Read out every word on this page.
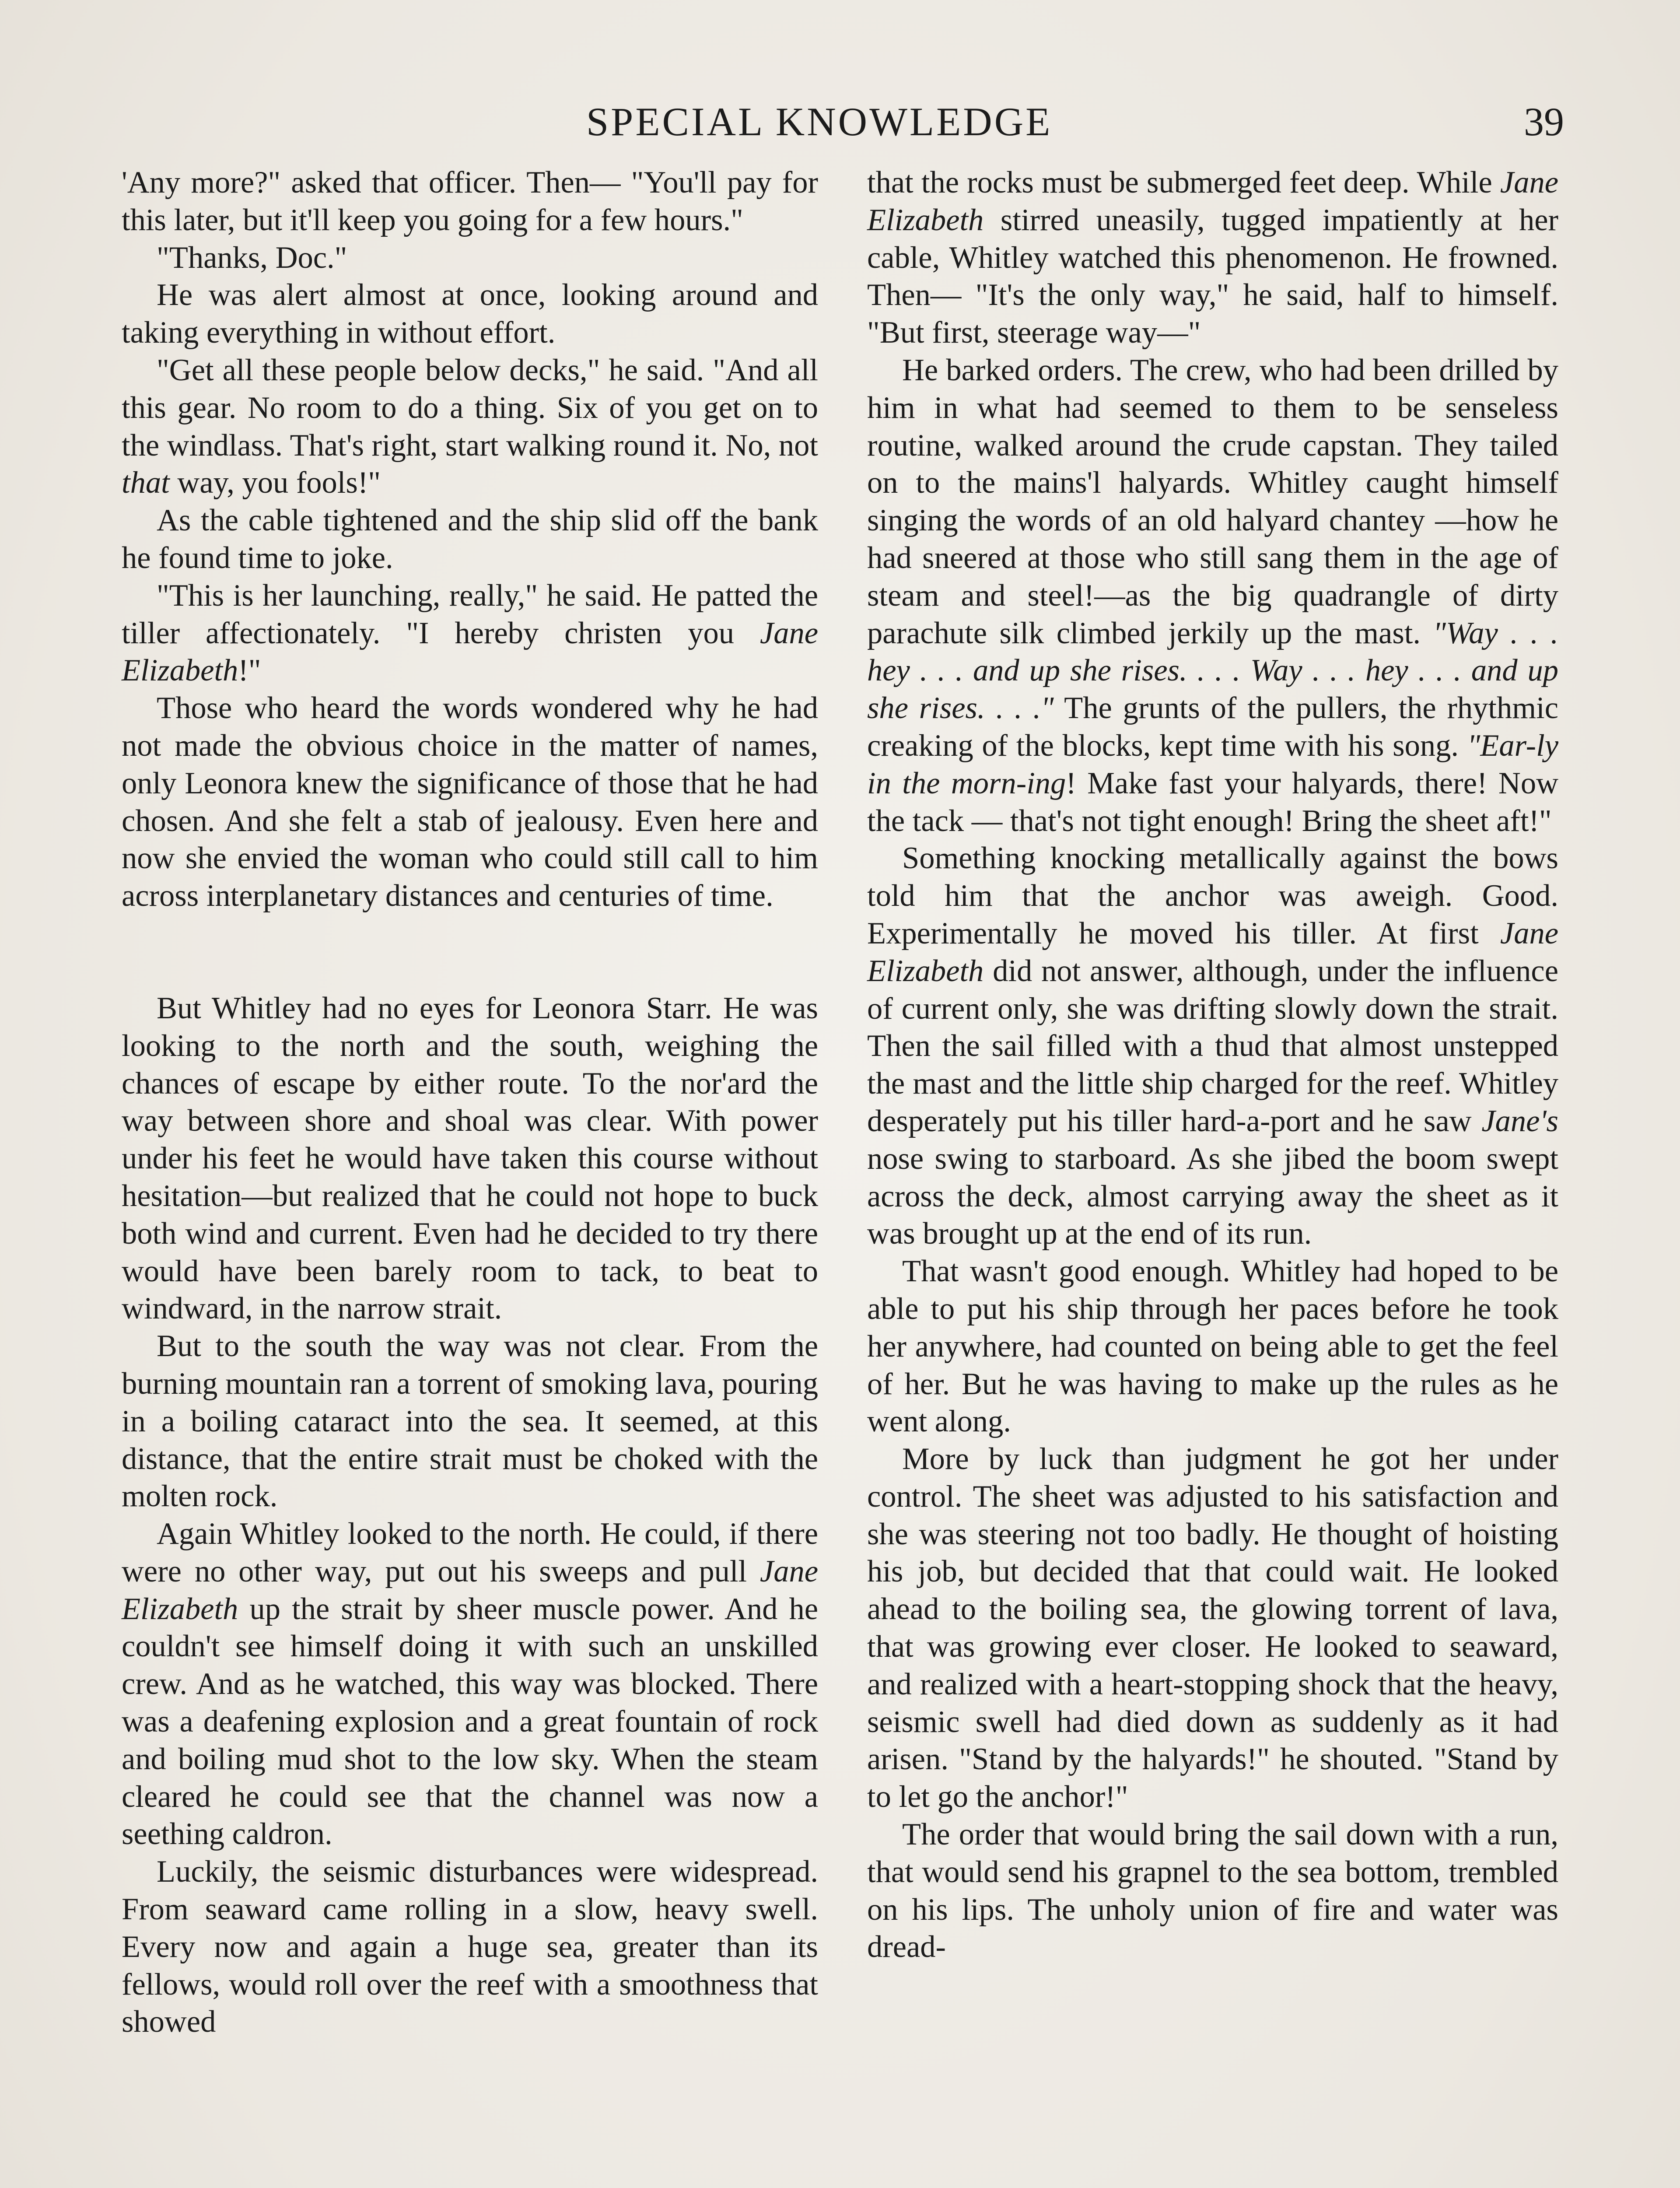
SPECIAL KNOWLEDGE	39

'Any more?" asked that officer. Then— "You'll pay for this later, but it'll keep you going for a few hours."

"Thanks, Doc."

He was alert almost at once, looking around and taking everything in without effort.

"Get all these people below decks," he said. "And all this gear. No room to do a thing. Six of you get on to the windlass. That's right, start walking round it. No, not that way, you fools!"

As the cable tightened and the ship slid off the bank he found time to joke.

"This is her launching, really," he said. He patted the tiller affectionately. "I hereby christen you Jane Elizabeth!"

Those who heard the words wondered why he had not made the obvious choice in the matter of names, only Leonora knew the significance of those that he had chosen. And she felt a stab of jealousy. Even here and now she envied the woman who could still call to him across interplanetary distances and centuries of time.

But Whitley had no eyes for Leonora Starr. He was looking to the north and the south, weighing the chances of escape by either route. To the nor'ard the way between shore and shoal was clear. With power under his feet he would have taken this course without hesitation—but realized that he could not hope to buck both wind and current. Even had he decided to try there would have been barely room to tack, to beat to windward, in the narrow strait.

But to the south the way was not clear. From the burning mountain ran a torrent of smoking lava, pouring in a boiling cataract into the sea. It seemed, at this distance, that the entire strait must be choked with the molten rock.

Again Whitley looked to the north. He could, if there were no other way, put out his sweeps and pull Jane Elizabeth up the strait by sheer muscle power. And he couldn't see himself doing it with such an unskilled crew. And as he watched, this way was blocked. There was a deafening explosion and a great fountain of rock and boiling mud shot to the low sky. When the steam cleared he could see that the channel was now a seething caldron.

Luckily, the seismic disturbances were widespread. From seaward came rolling in a slow, heavy swell. Every now and again a huge sea, greater than its fellows, would roll over the reef with a smoothness that showed

that the rocks must be submerged feet deep. While Jane Elizabeth stirred uneasily, tugged impatiently at her cable, Whitley watched this phenomenon. He frowned. Then— "It's the only way," he said, half to himself. "But first, steerage way—"

He barked orders. The crew, who had been drilled by him in what had seemed to them to be senseless routine, walked around the crude capstan. They tailed on to the mains'l halyards. Whitley caught himself singing the words of an old halyard chantey —how he had sneered at those who still sang them in the age of steam and steel!—as the big quadrangle of dirty parachute silk climbed jerkily up the mast. "Way . . . hey . . . and up she rises. . . . Way . . . hey . . . and up she rises. . . ." The grunts of the pullers, the rhythmic creaking of the blocks, kept time with his song. "Ear-ly in the morn-ing! Make fast your halyards, there! Now the tack — that's not tight enough! Bring the sheet aft!"

Something knocking metallically against the bows told him that the anchor was aweigh. Good. Experimentally he moved his tiller. At first Jane Elizabeth did not answer, although, under the influence of current only, she was drifting slowly down the strait. Then the sail filled with a thud that almost unstepped the mast and the little ship charged for the reef. Whitley desperately put his tiller hard-a-port and he saw Jane's nose swing to starboard. As she jibed the boom swept across the deck, almost carrying away the sheet as it was brought up at the end of its run.

That wasn't good enough. Whitley had hoped to be able to put his ship through her paces before he took her anywhere, had counted on being able to get the feel of her. But he was having to make up the rules as he went along.

More by luck than judgment he got her under control. The sheet was adjusted to his satisfaction and she was steering not too badly. He thought of hoisting his job, but decided that that could wait. He looked ahead to the boiling sea, the glowing torrent of lava, that was growing ever closer. He looked to seaward, and realized with a heart-stopping shock that the heavy, seismic swell had died down as suddenly as it had arisen. "Stand by the halyards!" he shouted. "Stand by to let go the anchor!"

The order that would bring the sail down with a run, that would send his grapnel to the sea bottom, trembled on his lips. The unholy union of fire and water was dread-
